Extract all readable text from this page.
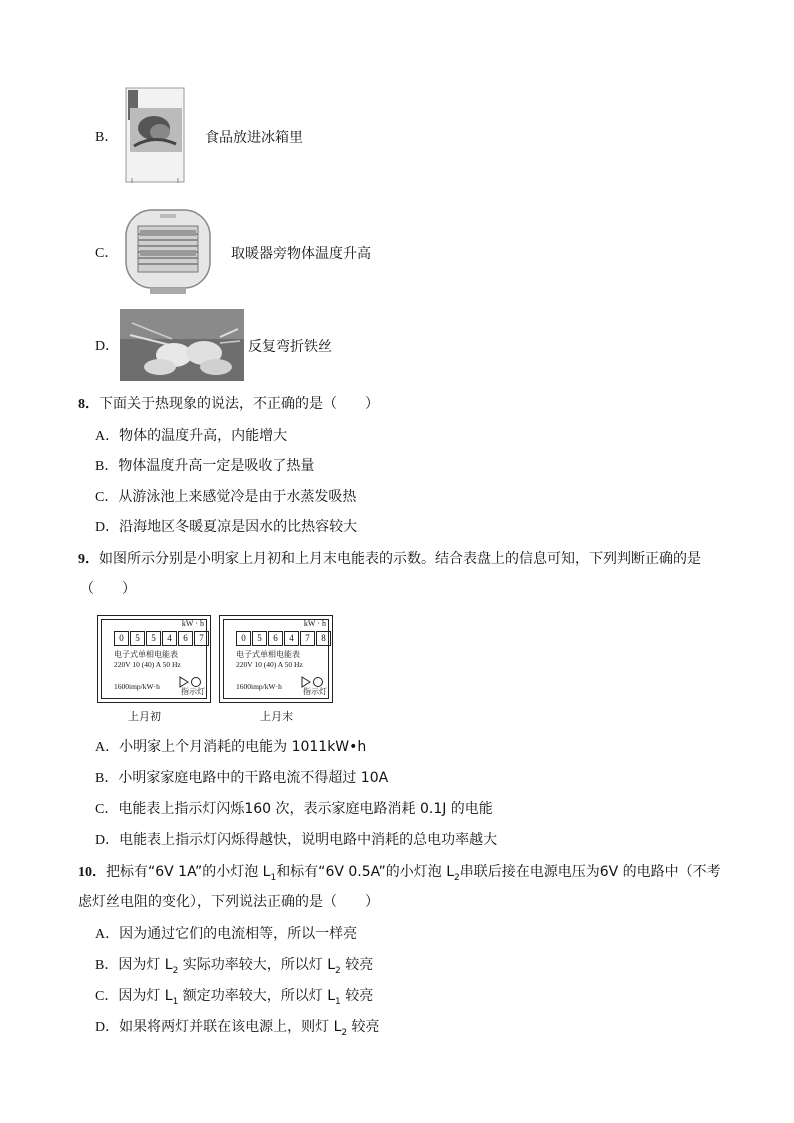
B．	食品放进冰箱里
C．	取暖器旁物体温度升高
D．	反复弯折铁丝
8．下面关于热现象的说法，不正确的是（　　）
A．物体的温度升高，内能增大
B．物体温度升高一定是吸收了热量
C．从游泳池上来感觉冷是由于水蒸发吸热
D．沿海地区冬暖夏凉是因水的比热容较大
9．如图所示分别是小明家上月初和上月末电能表的示数。结合表盘上的信息可知，下列判断正确的是
（　　）
kW · h
0	5	5	4	6	7
电子式单相电能表
220V 10 (40) A 50 Hz
1600imp/kW·h
指示灯
上月初
kW · h
0	5	6	4	7	8
电子式单相电能表
220V 10 (40) A 50 Hz
1600imp/kW·h
指示灯
上月末
A．小明家上个月消耗的电能为 1011kW•h
B．小明家家庭电路中的干路电流不得超过 10A
C．电能表上指示灯闪烁160 次，表示家庭电路消耗 0.1J 的电能
D．电能表上指示灯闪烁得越快，说明电路中消耗的总电功率越大
10．把标有“6V 1A”的小灯泡 $L_1$和标有“6V 0.5A”的小灯泡 $L_2$串联后接在电源电压为6V 的电路中（不考
虑灯丝电阻的变化），下列说法正确的是（　　）
A．因为通过它们的电流相等，所以一样亮
B．因为灯 $L_2$ 实际功率较大，所以灯 $L_2$ 较亮
C．因为灯 $L_1$ 额定功率较大，所以灯 $L_1$ 较亮
D．如果将两灯并联在该电源上，则灯 $L_2$ 较亮
